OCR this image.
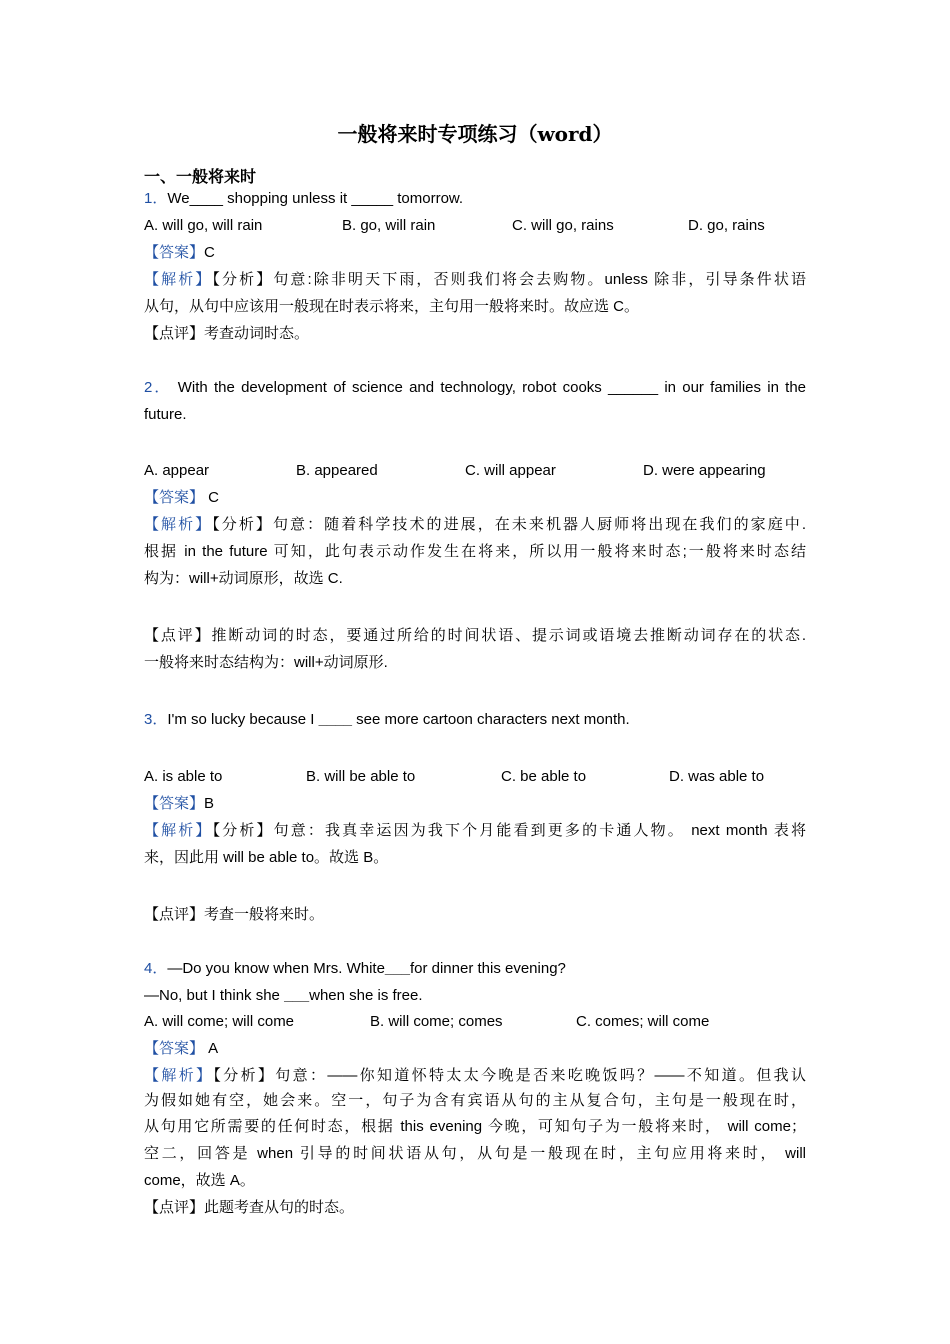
一般将来时专项练习（word）
一、一般将来时
1．We____ shopping unless it _____ tomorrow.
A. will go, will rain	B. go, will rain	C. will go, rains	D. go, rains
【答案】C
【解析】【分析】句意:除非明天下雨，否则我们将会去购物。unless 除非，引导条件状语
从句，从句中应该用一般现在时表示将来，主句用一般将来时。故应选 C。
【点评】考查动词时态。
2． With the development of science and technology, robot cooks ______ in our families in the
future.
A. appear	B. appeared	C. will appear	D. were appearing
【答案】 C
【解析】【分析】句意：随着科学技术的进展，在未来机器人厨师将出现在我们的家庭中.
根据 in the future 可知，此句表示动作发生在将来，所以用一般将来时态;一般将来时态结
构为：will+动词原形，故选 C.
【点评】推断动词的时态，要通过所给的时间状语、提示词或语境去推断动词存在的状态.
一般将来时态结构为：will+动词原形.
3．I'm so lucky because I ____ see more cartoon characters next month.
A. is able to	B. will be able to	C. be able to	D. was able to
【答案】B
【解析】【分析】句意：我真幸运因为我下个月能看到更多的卡通人物。 next month 表将
来，因此用 will be able to。故选 B。
【点评】考查一般将来时。
4．—Do you know when Mrs. White___for dinner this evening?
—No, but I think she ___when she is free.
A. will come; will come	B. will come; comes	C. comes; will come
【答案】 A
【解析】【分析】句意：——你知道怀特太太今晚是否来吃晚饭吗？——不知道。但我认
为假如她有空，她会来。空一，句子为含有宾语从句的主从复合句，主句是一般现在时，
从句用它所需要的任何时态，根据 this evening 今晚，可知句子为一般将来时， will come；
空二，回答是 when 引导的时间状语从句，从句是一般现在时，主句应用将来时， will
come，故选 A。
【点评】此题考查从句的时态。
